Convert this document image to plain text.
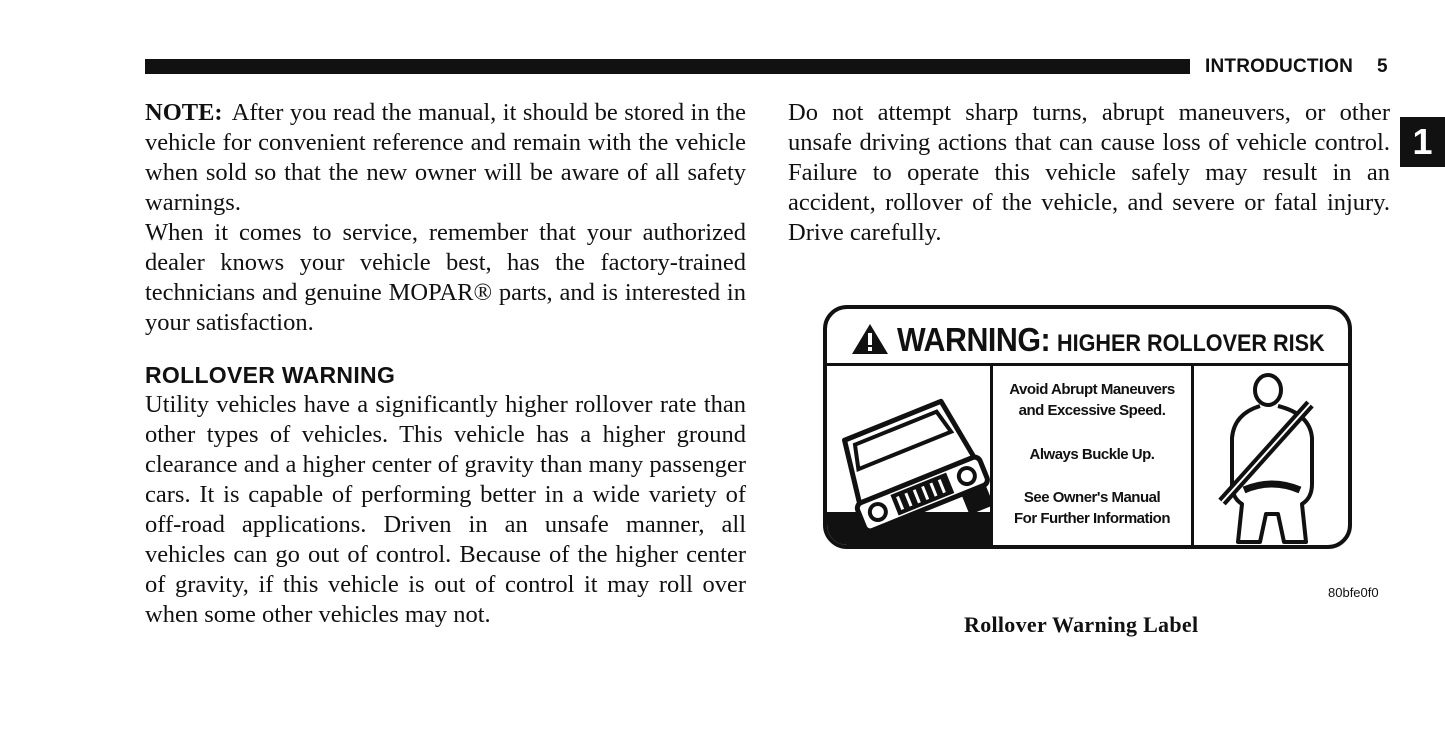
INTRODUCTION 5
1

NOTE: After you read the manual, it should be stored in the vehicle for convenient reference and remain with the vehicle when sold so that the new owner will be aware of all safety warnings.

When it comes to service, remember that your authorized dealer knows your vehicle best, has the factory-trained technicians and genuine MOPAR® parts, and is interested in your satisfaction.

ROLLOVER WARNING

Utility vehicles have a significantly higher rollover rate than other types of vehicles. This vehicle has a higher ground clearance and a higher center of gravity than many passenger cars. It is capable of performing better in a wide variety of off-road applications. Driven in an unsafe manner, all vehicles can go out of control. Because of the higher center of gravity, if this vehicle is out of control it may roll over when some other vehicles may not.

Do not attempt sharp turns, abrupt maneuvers, or other unsafe driving actions that can cause loss of vehicle control. Failure to operate this vehicle safely may result in an accident, rollover of the vehicle, and severe or fatal injury. Drive carefully.

WARNING: HIGHER ROLLOVER RISK
Avoid Abrupt Maneuvers
and Excessive Speed.
Always Buckle Up.
See Owner's Manual
For Further Information
80bfe0f0
Rollover Warning Label
